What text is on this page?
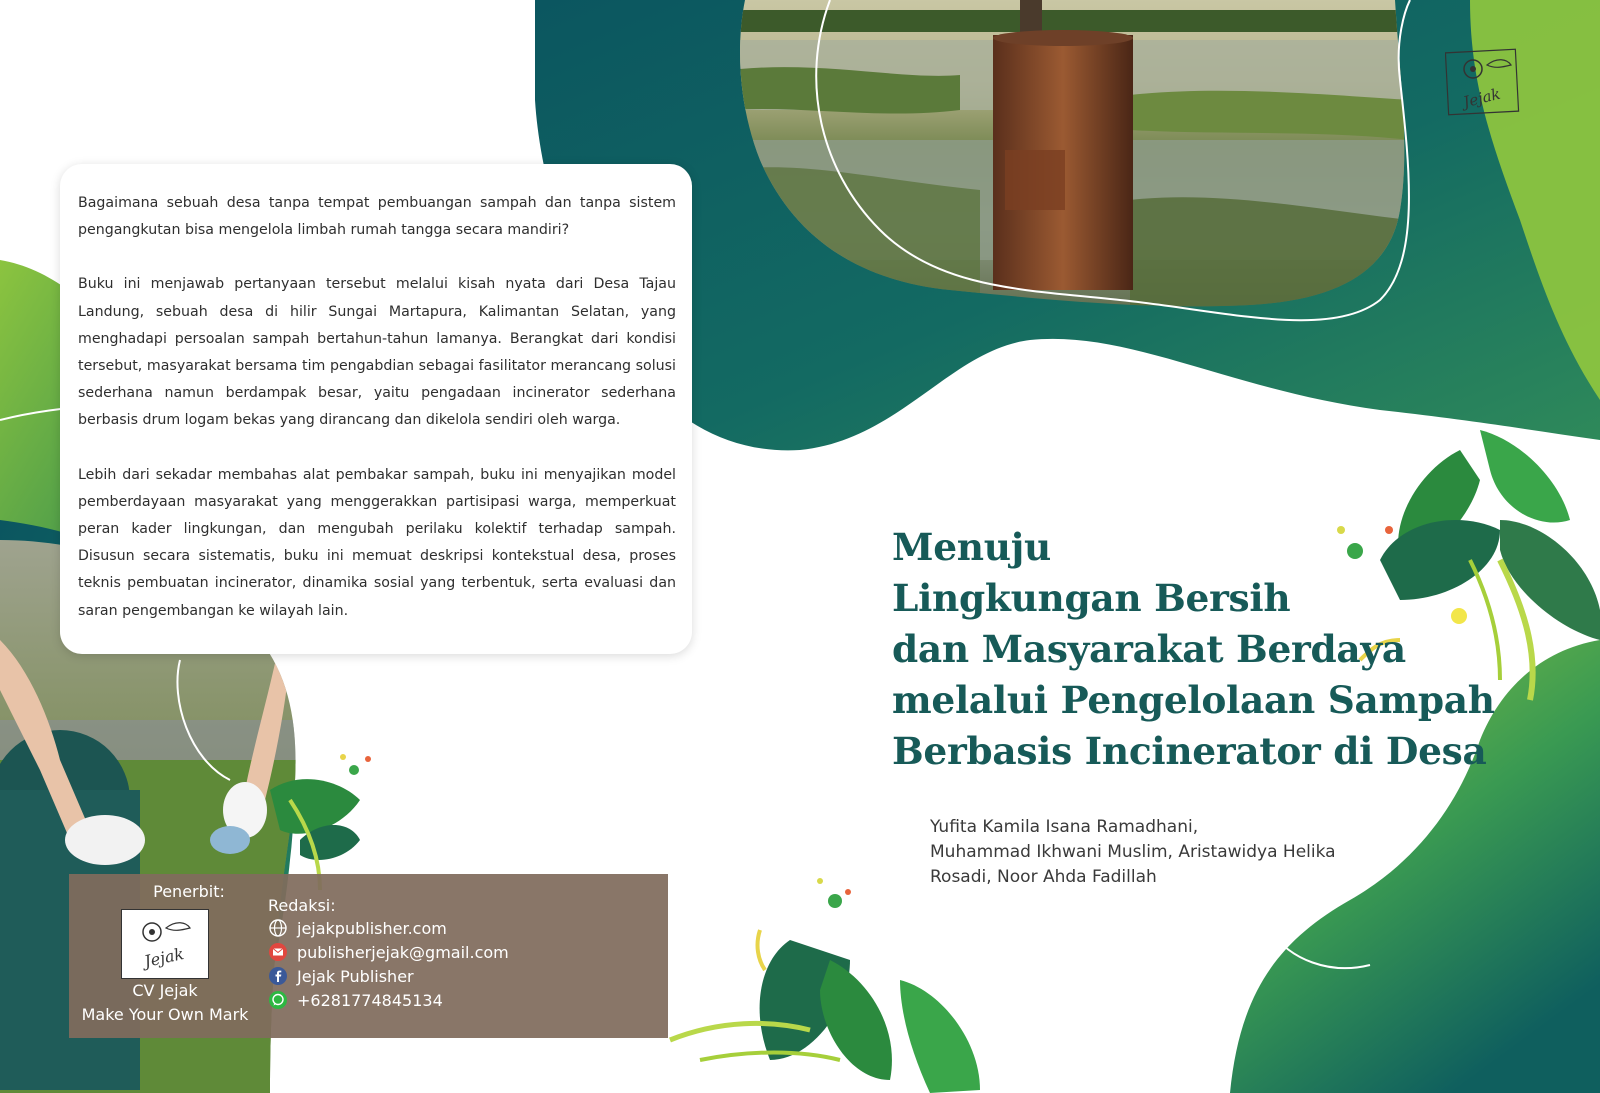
Jejak

Bagaimana sebuah desa tanpa tempat pembuangan sampah dan tanpa sistem pengangkutan bisa mengelola limbah rumah tangga secara mandiri?

Buku ini menjawab pertanyaan tersebut melalui kisah nyata dari Desa Tajau Landung, sebuah desa di hilir Sungai Martapura, Kalimantan Selatan, yang menghadapi persoalan sampah bertahun-tahun lamanya. Berangkat dari kondisi tersebut, masyarakat bersama tim pengabdian sebagai fasilitator merancang solusi sederhana namun berdampak besar, yaitu pengadaan incinerator sederhana berbasis drum logam bekas yang dirancang dan dikelola sendiri oleh warga.

Lebih dari sekadar membahas alat pembakar sampah, buku ini menyajikan model pemberdayaan masyarakat yang menggerakkan partisipasi warga, memperkuat peran kader lingkungan, dan mengubah perilaku kolektif terhadap sampah. Disusun secara sistematis, buku ini memuat deskripsi kontekstual desa, proses teknis pembuatan incinerator, dinamika sosial yang terbentuk, serta evaluasi dan saran pengembangan ke wilayah lain.

Menuju
Lingkungan Bersih
dan Masyarakat Berdaya
melalui Pengelolaan Sampah
Berbasis Incinerator di Desa
Yufita Kamila Isana Ramadhani,
Muhammad Ikhwani Muslim, Aristawidya Helika
Rosadi, Noor Ahda Fadillah
Penerbit:
Jejak
CV Jejak
Make Your Own Mark
Redaksi:
jejakpublisher.com
publisherjejak@gmail.com
Jejak Publisher
+6281774845134
